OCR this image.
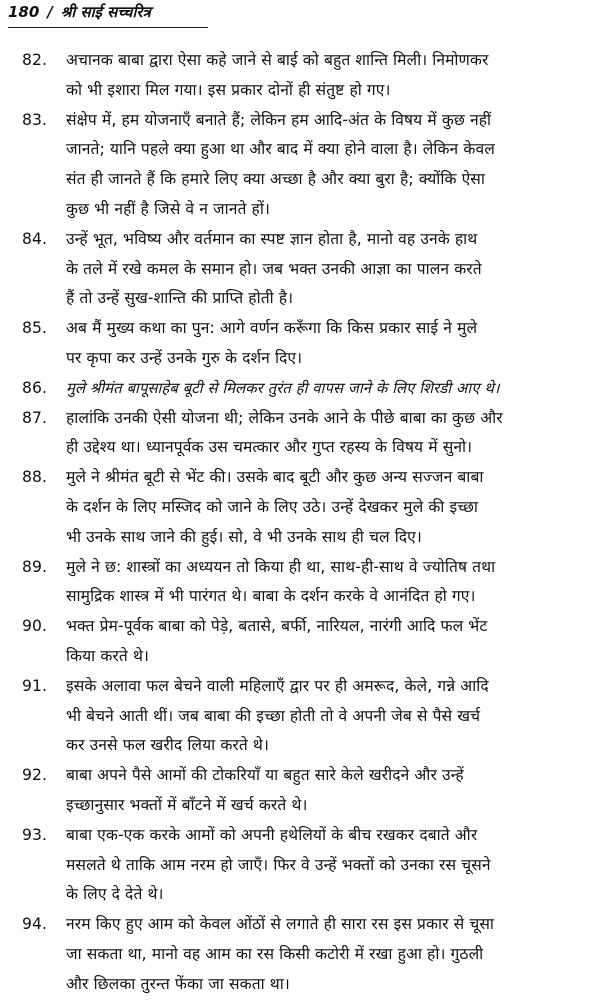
180 / श्री साई सच्चरित्र
82.	अचानक बाबा द्वारा ऐसा कहे जाने से बाई को बहुत शान्ति मिली। निमोणकर
को भी इशारा मिल गया। इस प्रकार दोनों ही संतुष्ट हो गए।
83.	संक्षेप में, हम योजनाएँ बनाते हैं; लेकिन हम आदि-अंत के विषय में कुछ नहीं
जानते; यानि पहले क्या हुआ था और बाद में क्या होने वाला है। लेकिन केवल
संत ही जानते हैं कि हमारे लिए क्या अच्छा है और क्या बुरा है; क्योंकि ऐसा
कुछ भी नहीं है जिसे वे न जानते हों।
84.	उन्हें भूत, भविष्य और वर्तमान का स्पष्ट ज्ञान होता है, मानो वह उनके हाथ
के तले में रखे कमल के समान हो। जब भक्त उनकी आज्ञा का पालन करते
हैं तो उन्हें सुख-शान्ति की प्राप्ति होती है।
85.	अब मैं मुख्य कथा का पुन: आगे वर्णन करूँगा कि किस प्रकार साई ने मुले
पर कृपा कर उन्हें उनके गुरु के दर्शन दिए।
86.	मुले श्रीमंत बापूसाहेब बूटी से मिलकर तुरंत ही वापस जाने के लिए शिरडी आए थे।
87.	हालांकि उनकी ऐसी योजना थी; लेकिन उनके आने के पीछे बाबा का कुछ और
ही उद्देश्य था। ध्यानपूर्वक उस चमत्कार और गुप्त रहस्य के विषय में सुनो।
88.	मुले ने श्रीमंत बूटी से भेंट की। उसके बाद बूटी और कुछ अन्य सज्जन बाबा
के दर्शन के लिए मस्जिद को जाने के लिए उठे। उन्हें देखकर मुले की इच्छा
भी उनके साथ जाने की हुई। सो, वे भी उनके साथ ही चल दिए।
89.	मुले ने छ: शास्त्रों का अध्ययन तो किया ही था, साथ-ही-साथ वे ज्योतिष तथा
सामुद्रिक शास्त्र में भी पारंगत थे। बाबा के दर्शन करके वे आनंदित हो गए।
90.	भक्त प्रेम-पूर्वक बाबा को पेड़े, बतासे, बर्फी, नारियल, नारंगी आदि फल भेंट
किया करते थे।
91.	इसके अलावा फल बेचने वाली महिलाएँ द्वार पर ही अमरूद, केले, गन्ने आदि
भी बेचने आती थीं। जब बाबा की इच्छा होती तो वे अपनी जेब से पैसे खर्च
कर उनसे फल खरीद लिया करते थे।
92.	बाबा अपने पैसे आमों की टोकरियाँ या बहुत सारे केले खरीदने और उन्हें
इच्छानुसार भक्तों में बाँटने में खर्च करते थे।
93.	बाबा एक-एक करके आमों को अपनी हथेलियों के बीच रखकर दबाते और
मसलते थे ताकि आम नरम हो जाएँ। फिर वे उन्हें भक्तों को उनका रस चूसने
के लिए दे देते थे।
94.	नरम किए हुए आम को केवल ओंठों से लगाते ही सारा रस इस प्रकार से चूसा
जा सकता था, मानो वह आम का रस किसी कटोरी में रखा हुआ हो। गुठली
और छिलका तुरन्त फेंका जा सकता था।
